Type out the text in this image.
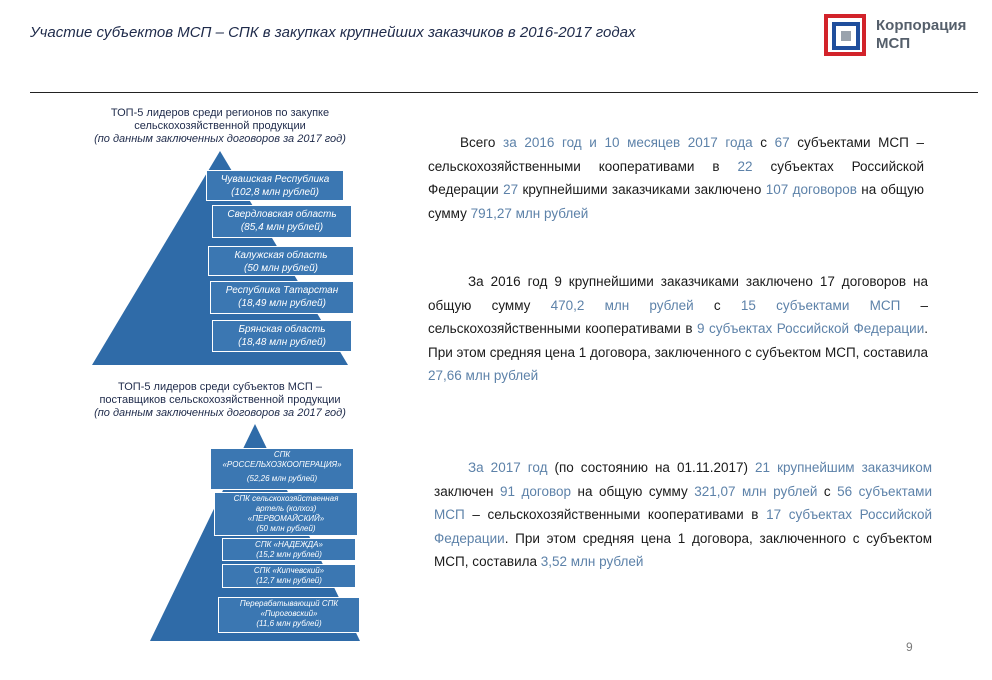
Участие субъектов МСП – СПК в закупках крупнейших заказчиков в 2016-2017 годах	Корпорация
МСП
ТОП-5 лидеров среди регионов по закупке
сельскохозяйственной продукции
(по данным заключенных договоров за 2017 год)
Чувашская Республика
(102,8 млн рублей)
Свердловская область
(85,4 млн рублей)
Калужская область
(50 млн рублей)
Республика Татарстан
(18,49 млн рублей)
Брянская область
(18,48 млн рублей)
ТОП-5 лидеров среди субъектов МСП –
поставщиков сельскохозяйственной продукции
(по данным заключенных договоров за 2017 год)
СПК
«РОССЕЛЬХОЗКООПЕРАЦИЯ»
(52,26 млн рублей)
СПК сельскохозяйственная
артель (колхоз)
«ПЕРВОМАЙСКИЙ»
(50 млн рублей)
СПК «НАДЕЖДА»
(15,2 млн рублей)
СПК «Кипчевский»
(12,7 млн рублей)
Перерабатывающий СПК
«Пироговский»
(11,6 млн рублей)
Всего за 2016 год и 10 месяцев 2017 года с 67 субъектами МСП – сельскохозяйственными кооперативами в 22 субъектах Российской Федерации 27 крупнейшими заказчиками заключено 107 договоров на общую сумму 791,27 млн рублей
За 2016 год 9 крупнейшими заказчиками заключено 17 договоров на общую сумму 470,2 млн рублей с 15 субъектами МСП – сельскохозяйственными кооперативами в 9 субъектах Российской Федерации. При этом средняя цена 1 договора, заключенного с субъектом МСП, составила 27,66 млн рублей
За 2017 год (по состоянию на 01.11.2017) 21 крупнейшим заказчиком заключен 91 договор на общую сумму 321,07 млн рублей с 56 субъектами МСП – сельскохозяйственными кооперативами в 17 субъектах Российской Федерации. При этом средняя цена 1 договора, заключенного с субъектом МСП, составила 3,52 млн рублей
9
